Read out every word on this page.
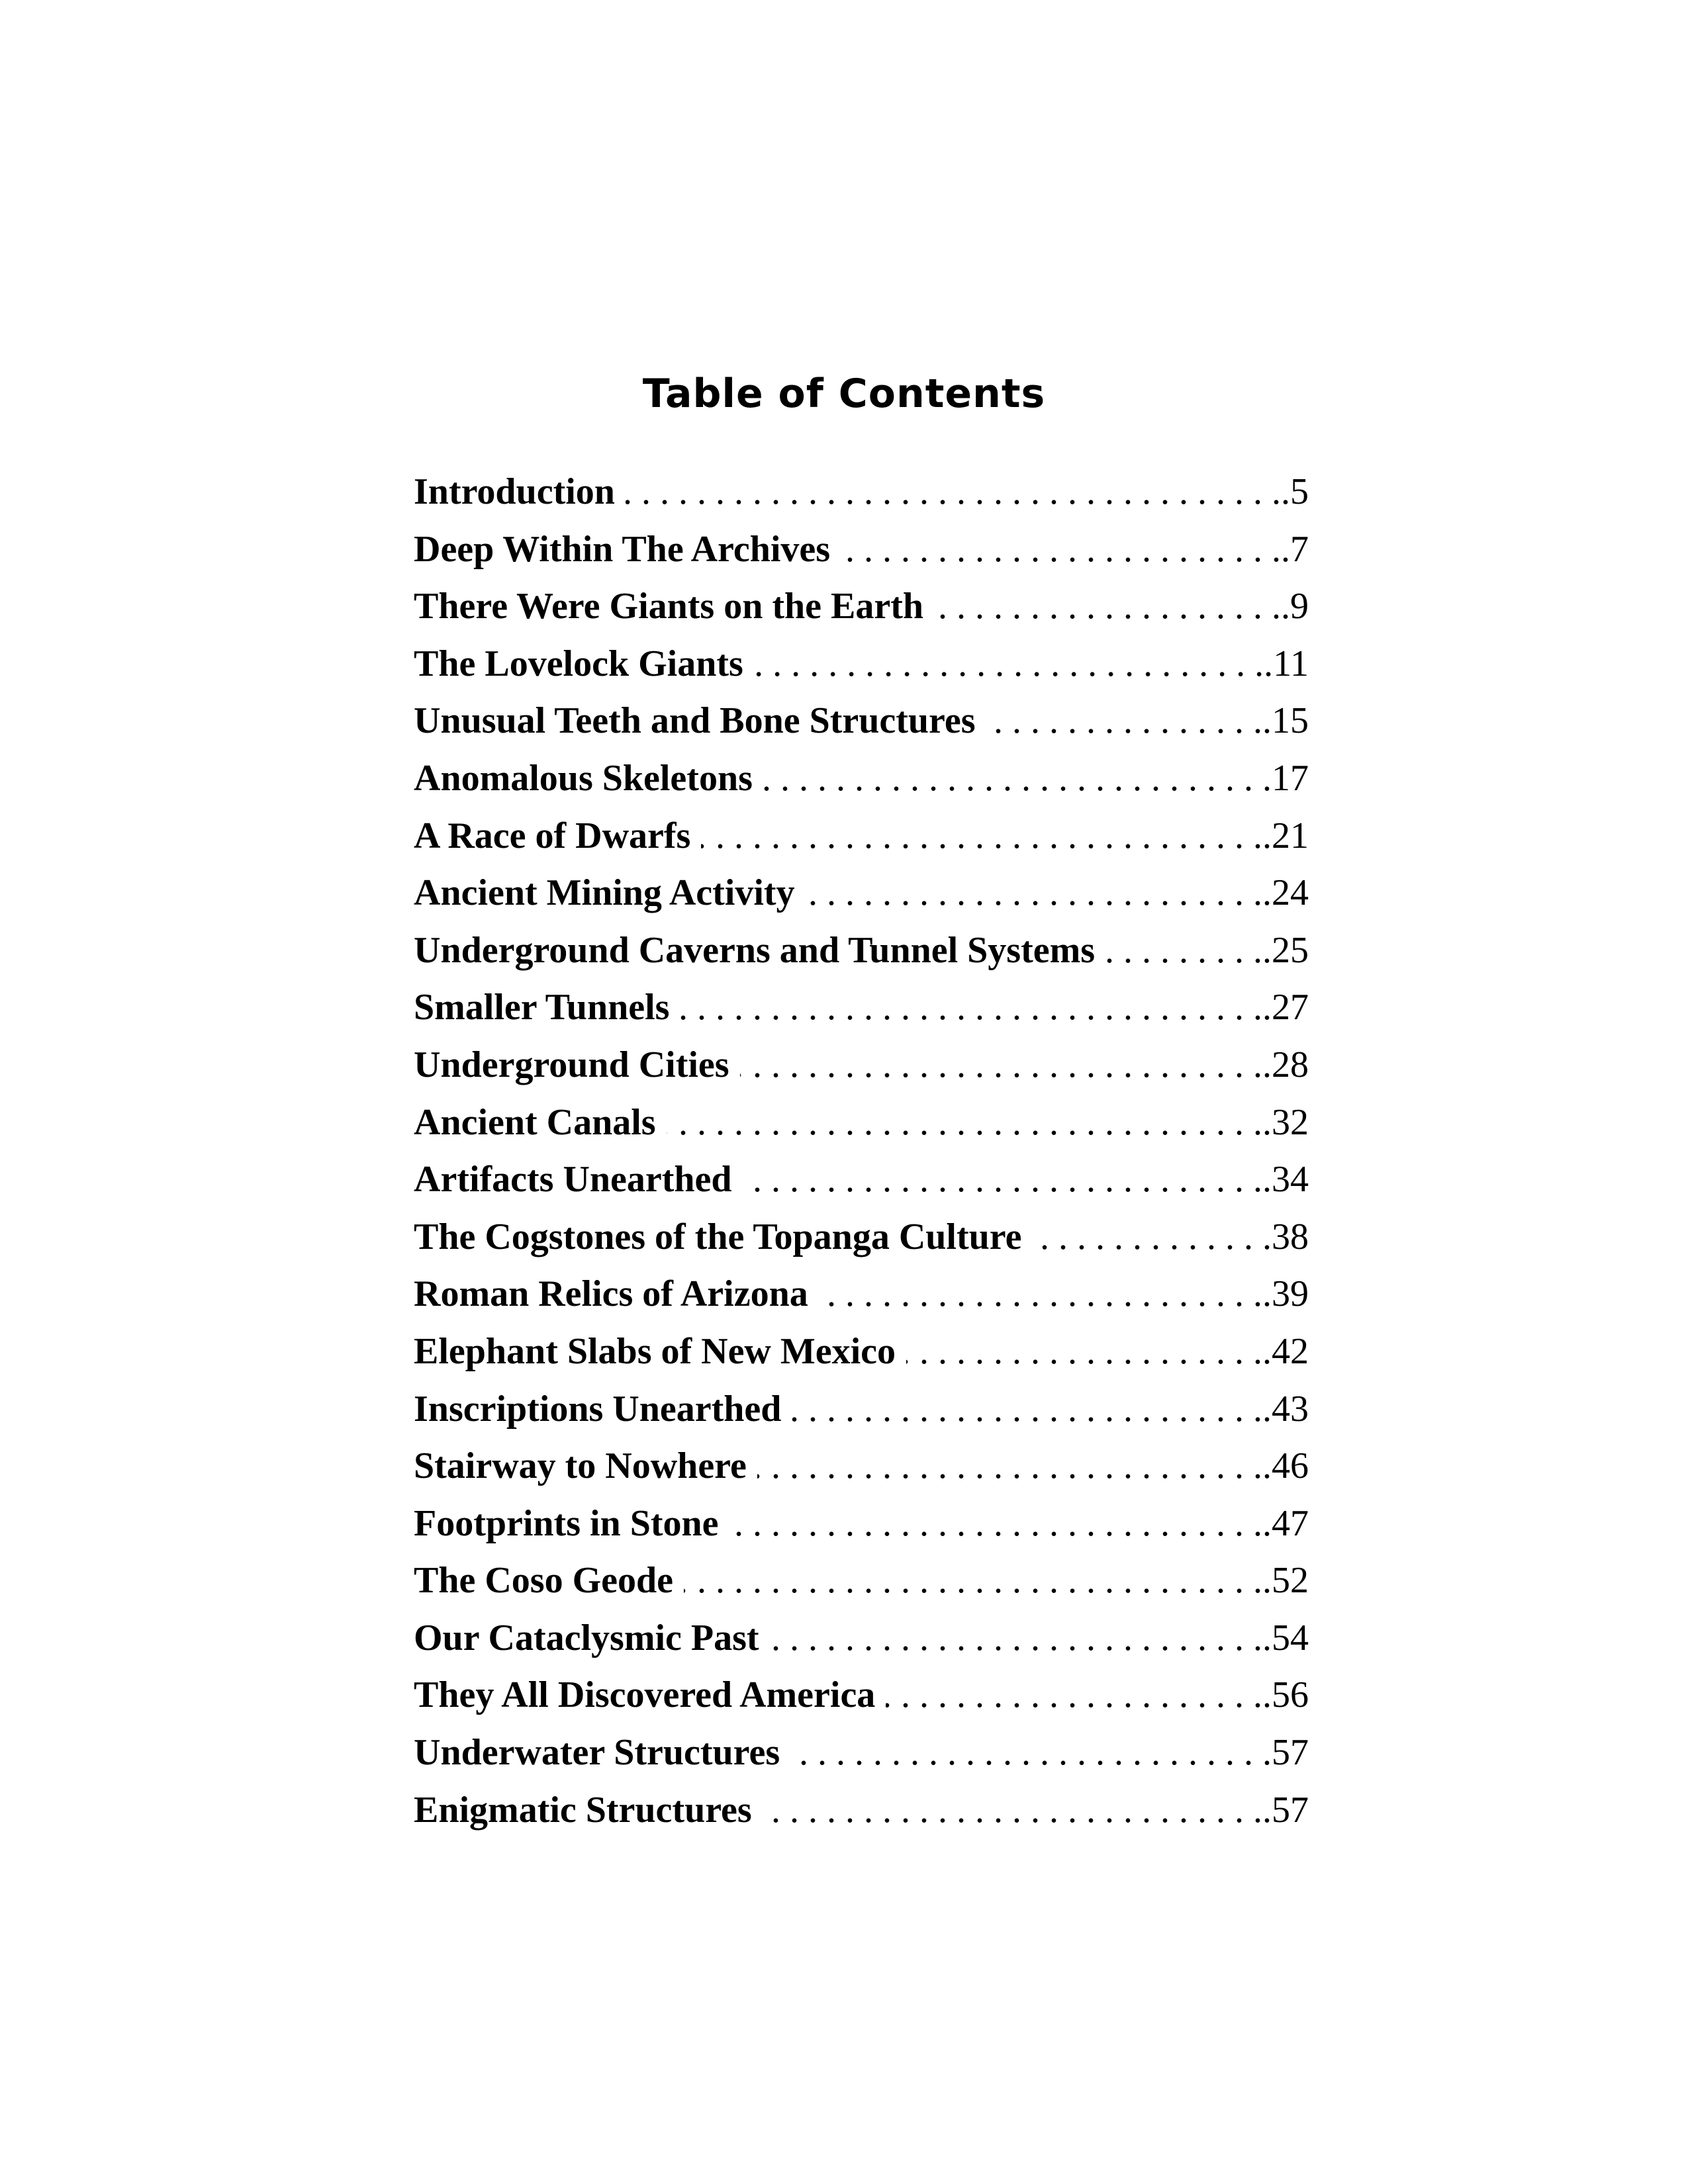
Table of Contents
Introduction . . .	.5
Deep Within The Archives . . .	.7
There Were Giants on the Earth . . .	.9
The Lovelock Giants . . .	.11
Unusual Teeth and Bone Structures . . .	.15
Anomalous Skeletons . . .	17
A Race of Dwarfs . . .	.21
Ancient Mining Activity . . .	.24
Underground Caverns and Tunnel Systems . . .	.25
Smaller Tunnels . . .	.27
Underground Cities . . .	.28
Ancient Canals . . .	.32
Artifacts Unearthed . . .	.34
The Cogstones of the Topanga Culture . . .	38
Roman Relics of Arizona . . .	.39
Elephant Slabs of New Mexico . . .	.42
Inscriptions Unearthed . . .	.43
Stairway to Nowhere . . .	.46
Footprints in Stone . . .	.47
The Coso Geode . . .	.52
Our Cataclysmic Past . . .	.54
They All Discovered America . . .	.56
Underwater Structures . . .	57
Enigmatic Structures . . .	.57
